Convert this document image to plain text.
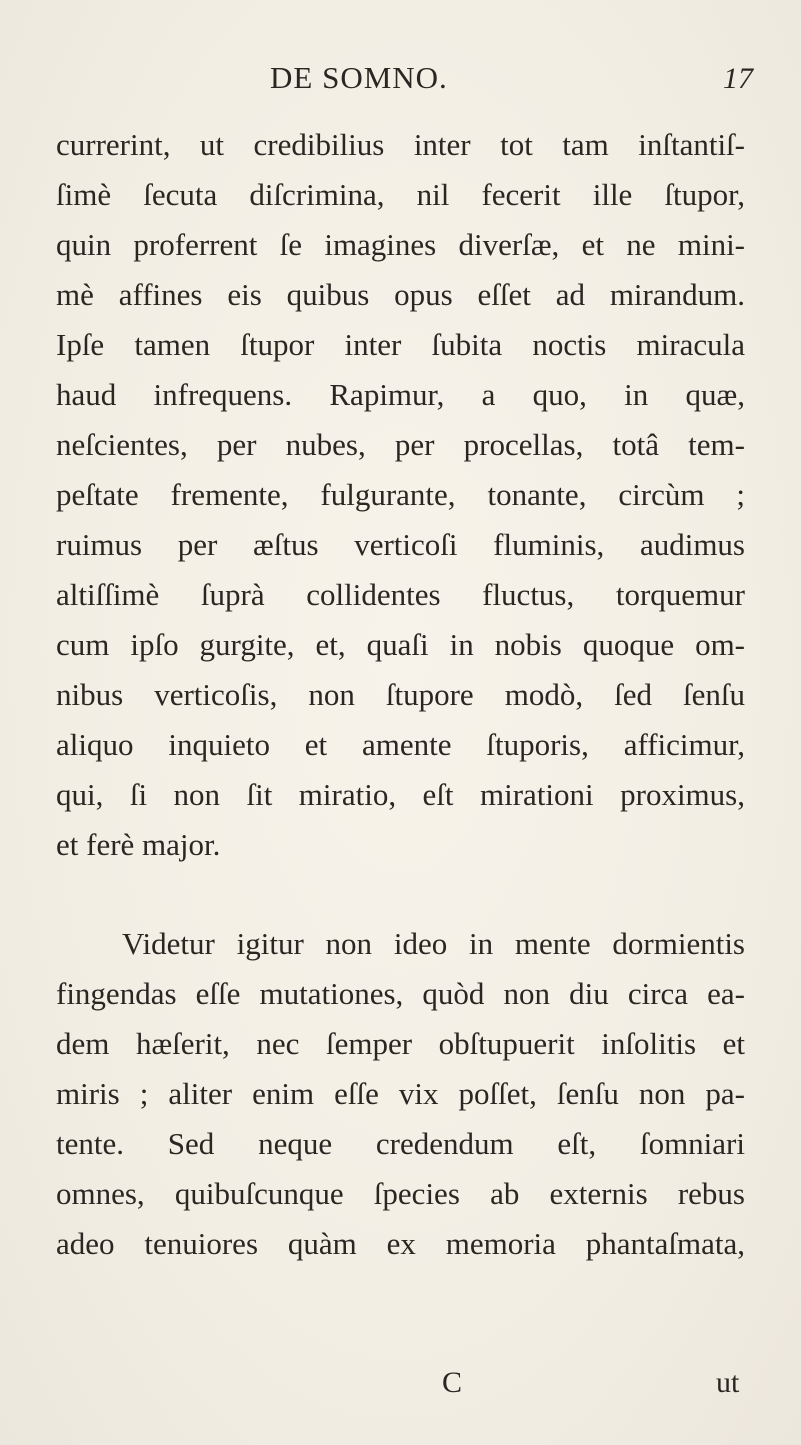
DE SOMNO.	17
currerint, ut credibilius inter tot tam inſtantiſ-
ſimè ſecuta diſcrimina, nil fecerit ille ſtupor,
quin proferrent ſe imagines diverſæ, et ne mini-
mè affines eis quibus opus eſſet ad mirandum.
Ipſe tamen ſtupor inter ſubita noctis miracula
haud infrequens. Rapimur, a quo, in quæ,
neſcientes, per nubes, per procellas, totâ tem-
peſtate fremente, fulgurante, tonante, circùm ;
ruimus per æſtus verticoſi fluminis, audimus
altiſſimè ſuprà collidentes fluctus, torquemur
cum ipſo gurgite, et, quaſi in nobis quoque om-
nibus verticoſis, non ſtupore modò, ſed ſenſu
aliquo inquieto et amente ſtuporis, afficimur,
qui, ſi non ſit miratio, eſt mirationi proximus,
et ferè major.
Videtur igitur non ideo in mente dormientis
fingendas eſſe mutationes, quòd non diu circa ea-
dem hæſerit, nec ſemper obſtupuerit inſolitis et
miris ; aliter enim eſſe vix poſſet, ſenſu non pa-
tente. Sed neque credendum eſt, ſomniari
omnes, quibuſcunque ſpecies ab externis rebus
adeo tenuiores quàm ex memoria phantaſmata,
C	ut
